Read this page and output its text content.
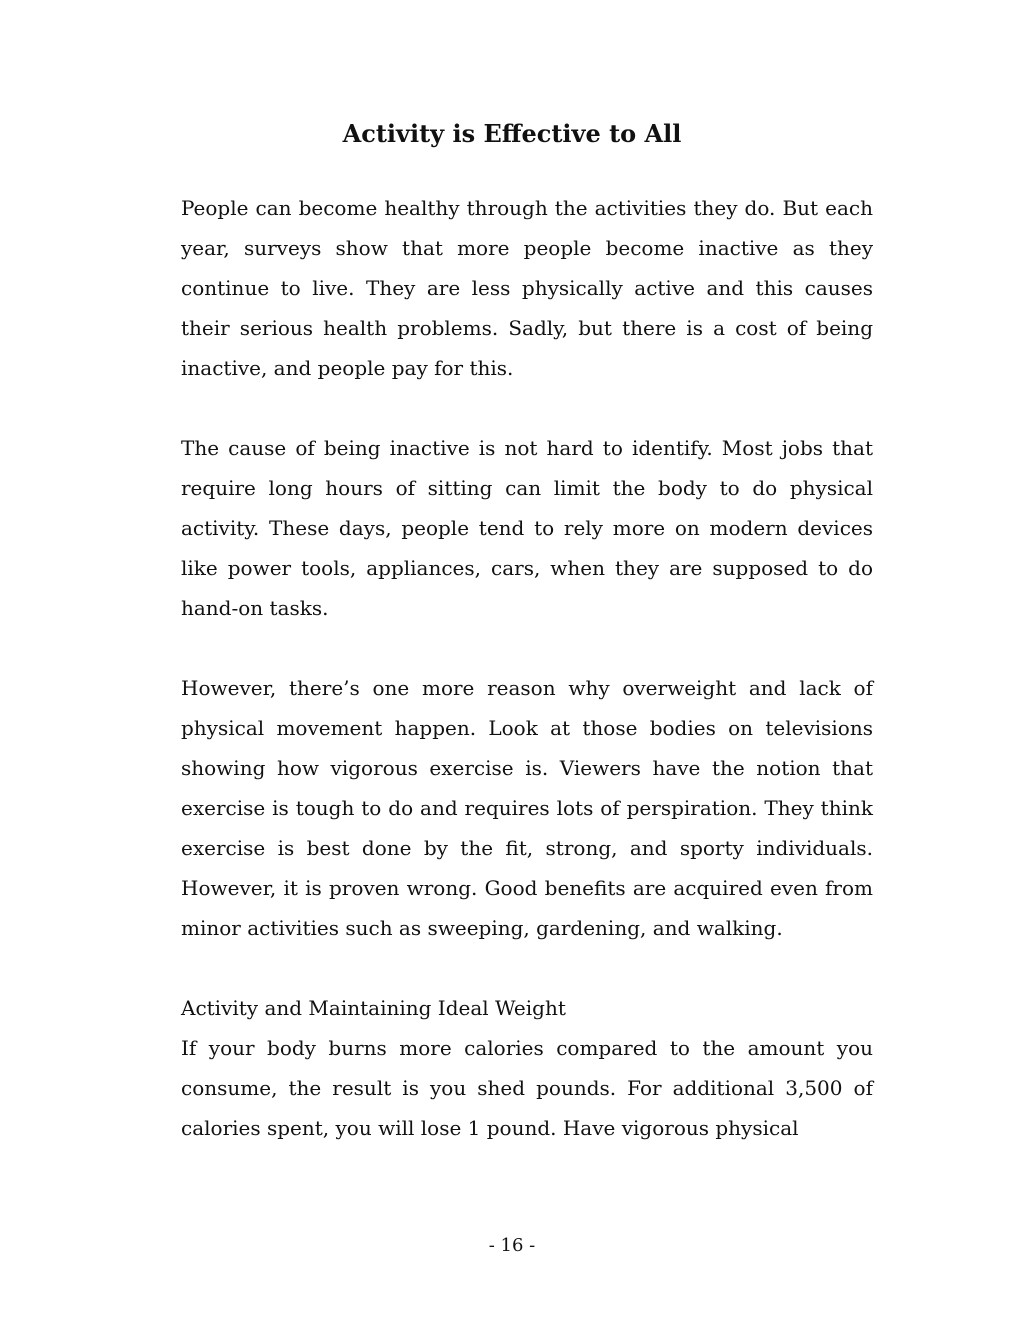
Activity is Effective to All

People can become healthy through the activities they do. But each year, surveys show that more people become inactive as they continue to live. They are less physically active and this causes their serious health problems. Sadly, but there is a cost of being inactive, and people pay for this.

The cause of being inactive is not hard to identify. Most jobs that require long hours of sitting can limit the body to do physical activity. These days, people tend to rely more on modern devices like power tools, appliances, cars, when they are supposed to do hand-on tasks.

However, there’s one more reason why overweight and lack of physical movement happen. Look at those bodies on televisions showing how vigorous exercise is. Viewers have the notion that exercise is tough to do and requires lots of perspiration. They think exercise is best done by the fit, strong, and sporty individuals. However, it is proven wrong. Good benefits are acquired even from minor activities such as sweeping, gardening, and walking.

Activity and Maintaining Ideal Weight

If your body burns more calories compared to the amount you consume, the result is you shed pounds. For additional 3,500 of calories spent, you will lose 1 pound. Have vigorous physical

- 16 -
